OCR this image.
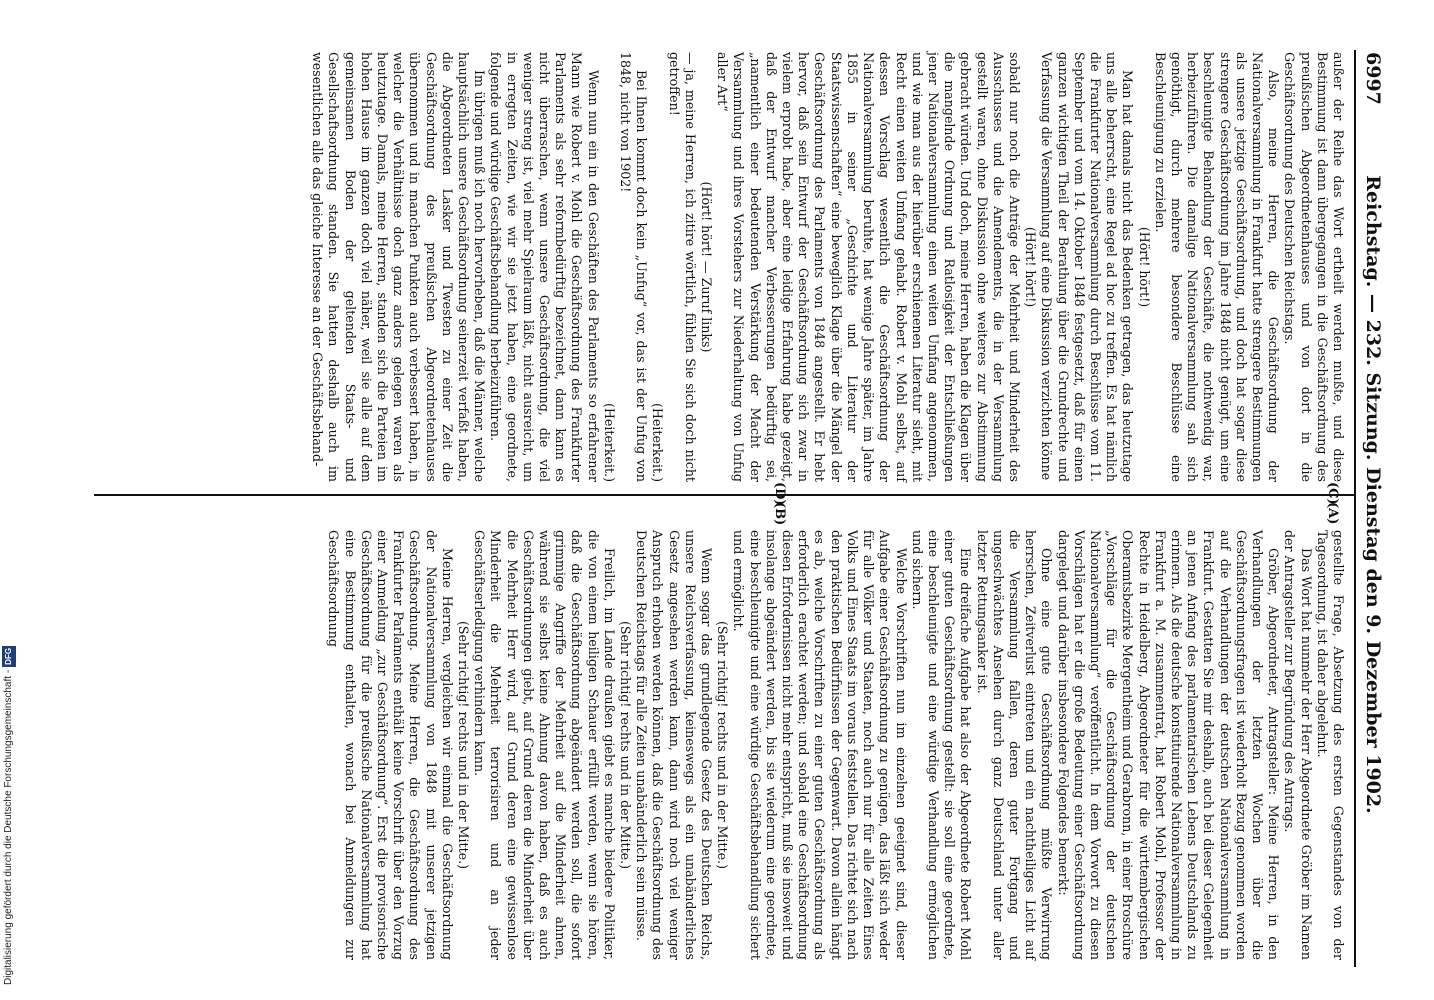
6997
Reichstag. — 232. Sitzung. Dienstag den 9. Dezember 1902.
(C)
(D)
(A)
(B)

außer der Reihe das Wort ertheilt werden mußte, und diese Bestimmung ist dann übergegangen in die Geschäftsordnung des preußischen Abgeordnetenhauses und von dort in die Geschäftsordnung des Deutschen Reichstags.

Also, meine Herren, die Geschäftsordnung der Nationalversammlung in Frankfurt hatte strengere Bestimmungen als unsere jetzige Geschäftsordnung, und doch hat sogar diese strengere Geschäftsordnung im Jahre 1848 nicht genügt, um eine beschleunigte Behandlung der Geschäfte, die nothwendig war, herbeizuführen. Die damalige Nationalversammlung sah sich genöthigt, durch mehrere besondere Beschlüsse eine Beschleunigung zu erzielen.

(Hört! hört!)

Man hat damals nicht das Bedenken getragen, das heutzutage uns alle beherrscht, eine Regel ad hoc zu treffen. Es hat nämlich die Frankfurter Nationalversammlung durch Beschlüsse vom 11. September und vom 14. Oktober 1848 festgesetzt, daß für einen ganzen wichtigen Theil der Berathung über die Grundrechte und Verfassung die Versammlung auf eine Diskussion verzichten könne

(Hört! hört!)

sobald nur noch die Anträge der Mehrheit und Minderheit des Ausschusses und die Amendements, die in der Versammlung gestellt waren, ohne Diskussion ohne weiteres zur Abstimmung gebracht würden. Und doch, meine Herren, haben die Klagen über die mangelnde Ordnung und Ratlosigkeit der Entschließungen jener Nationalversammlung einen weiten Umfang angenommen, und wie man aus der hierüber erschienenen Literatur sieht, mit Recht einen weiten Umfang gehabt. Robert v. Mohl selbst, auf dessen Vorschlag wesentlich die Geschäftsordnung der Nationalversammlung beruhte, hat wenige Jahre später, im Jahre 1855 in seiner „Geschichte und Literatur der Staatswissenschaften“ eine beweglich Klage über die Mängel der Geschäftsordnung des Parlaments von 1848 angestellt. Er hebt hervor, daß sein Entwurf der Geschäftsordnung sich zwar in vielem erprobt habe, aber eine leidige Erfahrung habe gezeigt, daß der Entwurf mancher Verbesserungen bedürftig sei, „namentlich einer bedeutenden Verstärkung der Macht der Versammlung und ihres Vorstehers zur Niederhaltung von Unfug aller Art“

(Hört! hört! — Zuruf links)

— ja, meine Herren, ich zitire wörtlich, fühlen Sie sich doch nicht getroffen!

(Heiterkeit.)

Bei Ihnen kommt doch kein „Unfug“ vor, das ist der Unfug von 1848, nicht von 1902!

(Heiterkeit.)

Wenn nun ein in den Geschäften des Parlaments so erfahrener Mann wie Robert v. Mohl die Geschäftsordnung des Frankfurter Parlaments als sehr reformbedürftig bezeichnet, dann kann es nicht überraschen, wenn unsere Geschäftsordnung, die viel weniger streng ist, viel mehr Spielraum läßt, nicht ausreicht, um in erregten Zeiten, wie wir sie jetzt haben, eine geordnete, folgende und würdige Geschäftsbehandlung herbeizuführen.

Im übrigen muß ich noch hervorheben, daß die Männer, welche hauptsächlich unsere Geschäftsordnung seinerzeit verfaßt haben, die Abgeordneten Lasker und Twesten zu einer Zeit die Geschäftsordnung des preußischen Abgeordnetenhauses übernommen und in manchen Punkten auch verbessert haben, in welcher die Verhältnisse doch ganz anders gelegen waren als heutzutage. Damals, meine Herren, standen sich die Parteien im hohen Hause im ganzen doch viel näher, weil sie alle auf dem gemeinsamen Boden der geltenden Staats- und Gesellschaftsordnung standen. Sie hatten deshalb auch im wesentlichen alle das gleiche Interesse an der Geschäftsbehand-

gestellte Frage, Absetzung des ersten Gegenstandes von der Tagesordnung, ist daher abgelehnt.

Das Wort hat nunmehr der Herr Abgeordnete Gröber im Namen der Antragsteller zur Begründung des Antrags.

Gröber, Abgeordneter, Antragsteller: Meine Herren, in den Verhandlungen der letzten Wochen über die Geschäftsordnungsfragen ist wiederholt Bezug genommen worden auf die Verhandlungen der deutschen Nationalversammlung in Frankfurt. Gestatten Sie mir deshalb, auch bei dieser Gelegenheit an jenen Anfang des parlamentarischen Lebens Deutschlands zu erinnern. Als die deutsche konstituirende Nationalversammlung in Frankfurt a. M. zusammentrat, hat Robert Mohl, Professor der Rechte in Heidelberg, Abgeordneter für die württembergischen Oberamtsbezirke Mergentheim und Gerabronn, in einer Broschüre „Vorschläge für die Geschäftsordnung der deutschen Nationalversammlung“ veröffentlicht. In dem Vorwort zu diesen Vorschlägen hat er die große Bedeutung einer Geschäftsordnung dargelegt und darüber insbesondere Folgendes bemerkt:

Ohne eine gute Geschäftsordnung müßte Verwirrung herrschen, Zeitverlust eintreten und ein nachtheiliges Licht auf die Versammlung fallen, deren guter Fortgang und ungeschwächtes Ansehen durch ganz Deutschland unter aller letzter Rettungsanker ist.

Eine dreifache Aufgabe hat also der Abgeordnete Robert Mohl einer guten Geschäftsordnung gestellt: sie soll eine geordnete, eine beschleunigte und eine würdige Verhandlung ermöglichen und sichern.

Welche Vorschriften nun im einzelnen geeignet sind, dieser Aufgabe einer Geschäftsordnung zu genügen, das läßt sich weder für alle Völker und Staaten, noch auch nur für alle Zeiten Eines Volks und Eines Staats im voraus feststellen. Das richtet sich nach den praktischen Bedürfnissen der Gegenwart. Davon allein hängt es ab, welche Vorschriften zu einer guten Geschäftsordnung als erforderlich erachtet werden; und sobald eine Geschäftsordnung diesen Erfordernissen nicht mehr entspricht, muß sie insoweit und insolange abgeändert werden, bis sie wiederum eine geordnete, eine beschleunigte und eine würdige Geschäftsbehandlung sichert und ermöglicht.

(Sehr richtig! rechts und in der Mitte.)

Wenn sogar das grundlegende Gesetz des Deutschen Reichs, unsere Reichsverfassung, keineswegs als ein unabänderliches Gesetz angesehen werden kann, dann wird noch viel weniger Anspruch erhoben werden können, daß die Geschäftsordnung des Deutschen Reichstags für alle Zeiten unabänderlich sein müsse.

(Sehr richtig! rechts und in der Mitte.)

Freilich, im Lande draußen giebt es manche biedere Politiker, die von einem heiligen Schauer erfüllt werden, wenn sie hören, daß die Geschäftsordnung abgeändert werden soll, die sofort grimmige Angriffe der Mehrheit auf die Minderheit ahnen, während sie selbst keine Ahnung davon haben, daß es auch Geschäftsordnungen giebt, auf Grund deren die Minderheit über die Mehrheit Herr wird, auf Grund deren eine gewissenlose Minderheit die Mehrheit terrorisiren und an jeder Geschäftserledigung verhindern kann.

(Sehr richtig! rechts und in der Mitte.)

Meine Herren, vergleichen wir einmal die Geschäftsordnung der Nationalversammlung von 1848 mit unserer jetzigen Geschäftsordnung. Meine Herren, die Geschäftsordnung des Frankfurter Parlaments enthält keine Vorschrift über den Vorzug einer Anmeldung „zur Geschäftsordnung“. Erst die provisorische Geschäftsordnung für die preußische Nationalversammlung hat eine Bestimmung enthalten, wonach bei Anmeldungen zur Geschäftsordnung

Digitalisierung gefördert durch die Deutsche Forschungsgemeinschaft -DFG
